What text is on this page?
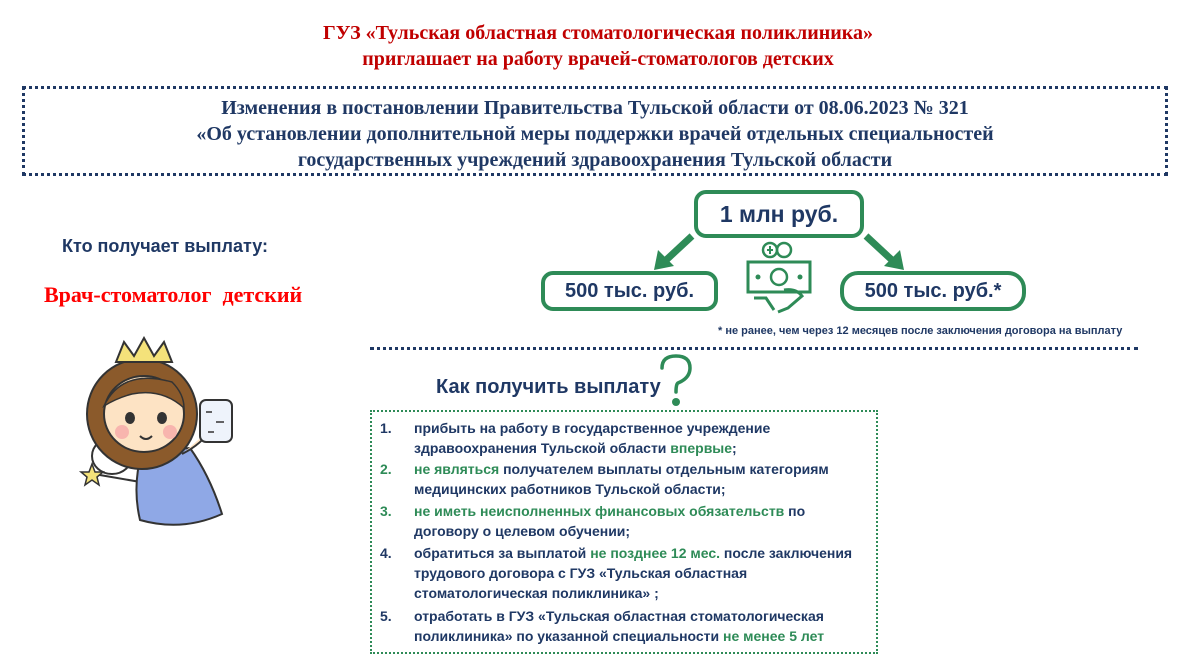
ГУЗ «Тульская областная стоматологическая поликлиника»
приглашает на работу врачей-стоматологов детских
Изменения в постановлении Правительства Тульской области от 08.06.2023 № 321
«Об установлении дополнительной меры поддержки врачей отдельных специальностей
государственных учреждений здравоохранения Тульской области
Кто получает выплату:
Врач-стоматолог  детский
1 млн руб.
500 тыс. руб.	500 тыс. руб.*
* не ранее, чем через 12 месяцев после заключения договора на выплату
Как получить выплату
1.	прибыть на работу в государственное учреждение здравоохранения Тульской области впервые;
2.	не являться получателем выплаты отдельным категориям медицинских работников Тульской области;
3.	не иметь неисполненных финансовых обязательств по договору о целевом обучении;
4.	обратиться за выплатой не позднее 12 мес. после заключения трудового договора с ГУЗ «Тульская областная стоматологическая поликлиника» ;
5.	отработать в ГУЗ «Тульская областная стоматологическая поликлиника» по указанной специальности не менее 5 лет
